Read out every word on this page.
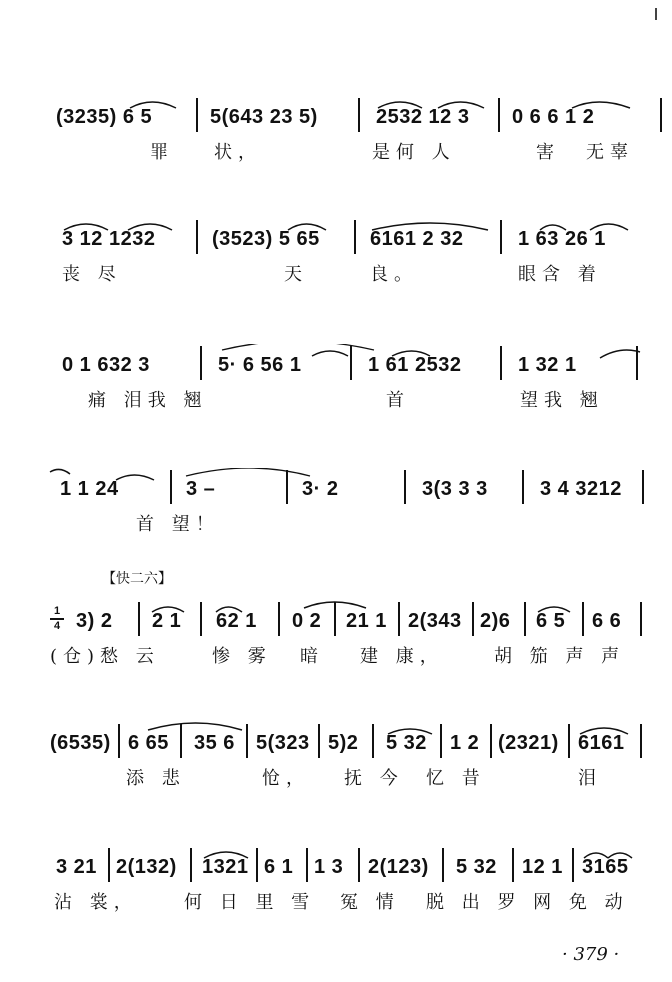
(3235) 6 5	5(643 23 5)	2532 12 3 0 6 6 1 2
罪 状，	是何 人	害 无辜
3 12 1232	(3523) 5 65	6161 2 32	1 63 26 1
丧 尽	天	良。	眼含 着
0 1 632 3	5· 6 56 1	1 61 2532	1 32 1
痛 泪我 翘	首	望我 翘
1 1 24	3 –	3· 2	3(3 3 3	3 4 3212
首 望！
【快二六】
1
4 3) 2 2 1 62 1 0 2 21 1 2(343 2)6 6 5 6 6
(仓)愁 云	惨 雾 暗 建 康，	胡 笳 声 声
(6535) 6 65 35 6 5(323 5)2 5 32 1 2 (2321) 6161
添 悲	怆， 抚 今 忆 昔	泪
3 21 2(132) 1321 6 1 1 3 2(123) 5 32 12 1 3165
沾 裳，	何 日 里 雪 冤 情 脱 出 罗 网 免 动
· 379 ·
